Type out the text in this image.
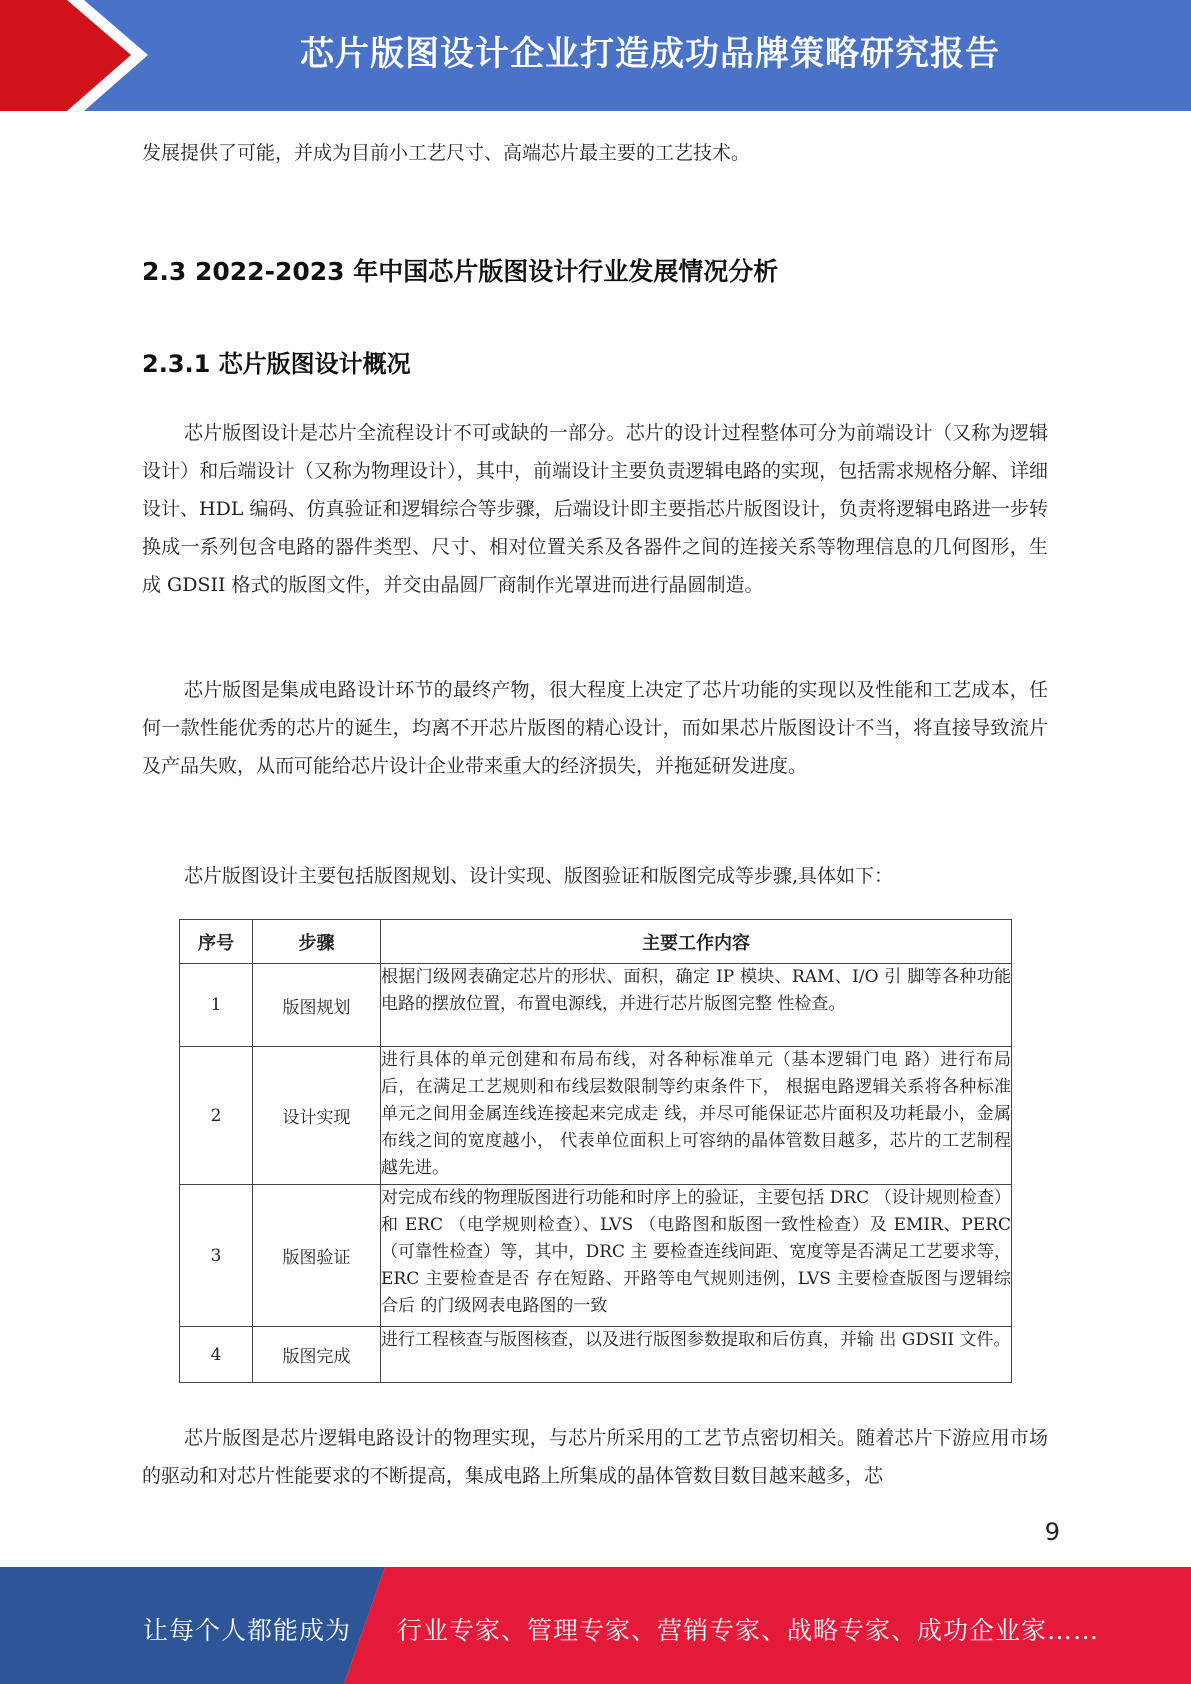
芯片版图设计企业打造成功品牌策略研究报告

发展提供了可能，并成为目前小工艺尺寸、高端芯片最主要的工艺技术。

2.3 2022-2023 年中国芯片版图设计行业发展情况分析
2.3.1 芯片版图设计概况

芯片版图设计是芯片全流程设计不可或缺的一部分。芯片的设计过程整体可分为前端设计（又称为逻辑设计）和后端设计（又称为物理设计），其中，前端设计主要负责逻辑电路的实现，包括需求规格分解、详细设计、HDL 编码、仿真验证和逻辑综合等步骤，后端设计即主要指芯片版图设计，负责将逻辑电路进一步转换成一系列包含电路的器件类型、尺寸、相对位置关系及各器件之间的连接关系等物理信息的几何图形，生成 GDSII 格式的版图文件，并交由晶圆厂商制作光罩进而进行晶圆制造。

芯片版图是集成电路设计环节的最终产物，很大程度上决定了芯片功能的实现以及性能和工艺成本，任何一款性能优秀的芯片的诞生，均离不开芯片版图的精心设计，而如果芯片版图设计不当，将直接导致流片及产品失败，从而可能给芯片设计企业带来重大的经济损失，并拖延研发进度。

芯片版图设计主要包括版图规划、设计实现、版图验证和版图完成等步骤,具体如下：

芯片版图是芯片逻辑电路设计的物理实现，与芯片所采用的工艺节点密切相关。随着芯片下游应用市场的驱动和对芯片性能要求的不断提高，集成电路上所集成的晶体管数目数目越来越多，芯

序号	步骤	主要工作内容
1	版图规划	根据门级网表确定芯片的形状、面积，确定 IP 模块、RAM、I/O 引 脚等各种功能电路的摆放位置，布置电源线，并进行芯片版图完整 性检查。

2	设计实现	进行具体的单元创建和布局布线，对各种标准单元（基本逻辑门电 路）进行布局后，在满足工艺规则和布线层数限制等约束条件下， 根据电路逻辑关系将各种标准单元之间用金属连线连接起来完成走 线，并尽可能保证芯片面积及功耗最小，金属布线之间的宽度越小， 代表单位面积上可容纳的晶体管数目越多，芯片的工艺制程越先进。

3	版图验证	对完成布线的物理版图进行功能和时序上的验证，主要包括 DRC （设计规则检查）和 ERC （电学规则检查）、LVS （电路图和版图一致性检查）及 EMIR、PERC （可靠性检查）等，其中，DRC 主 要检查连线间距、宽度等是否满足工艺要求等，ERC 主要检查是否 存在短路、开路等电气规则违例，LVS 主要检查版图与逻辑综合后 的门级网表电路图的一致

4	版图完成	进行工程核查与版图核查，以及进行版图参数提取和后仿真，并输 出 GDSII 文件。
9
让每个人都能成为 行业专家、管理专家、营销专家、战略专家、成功企业家……
